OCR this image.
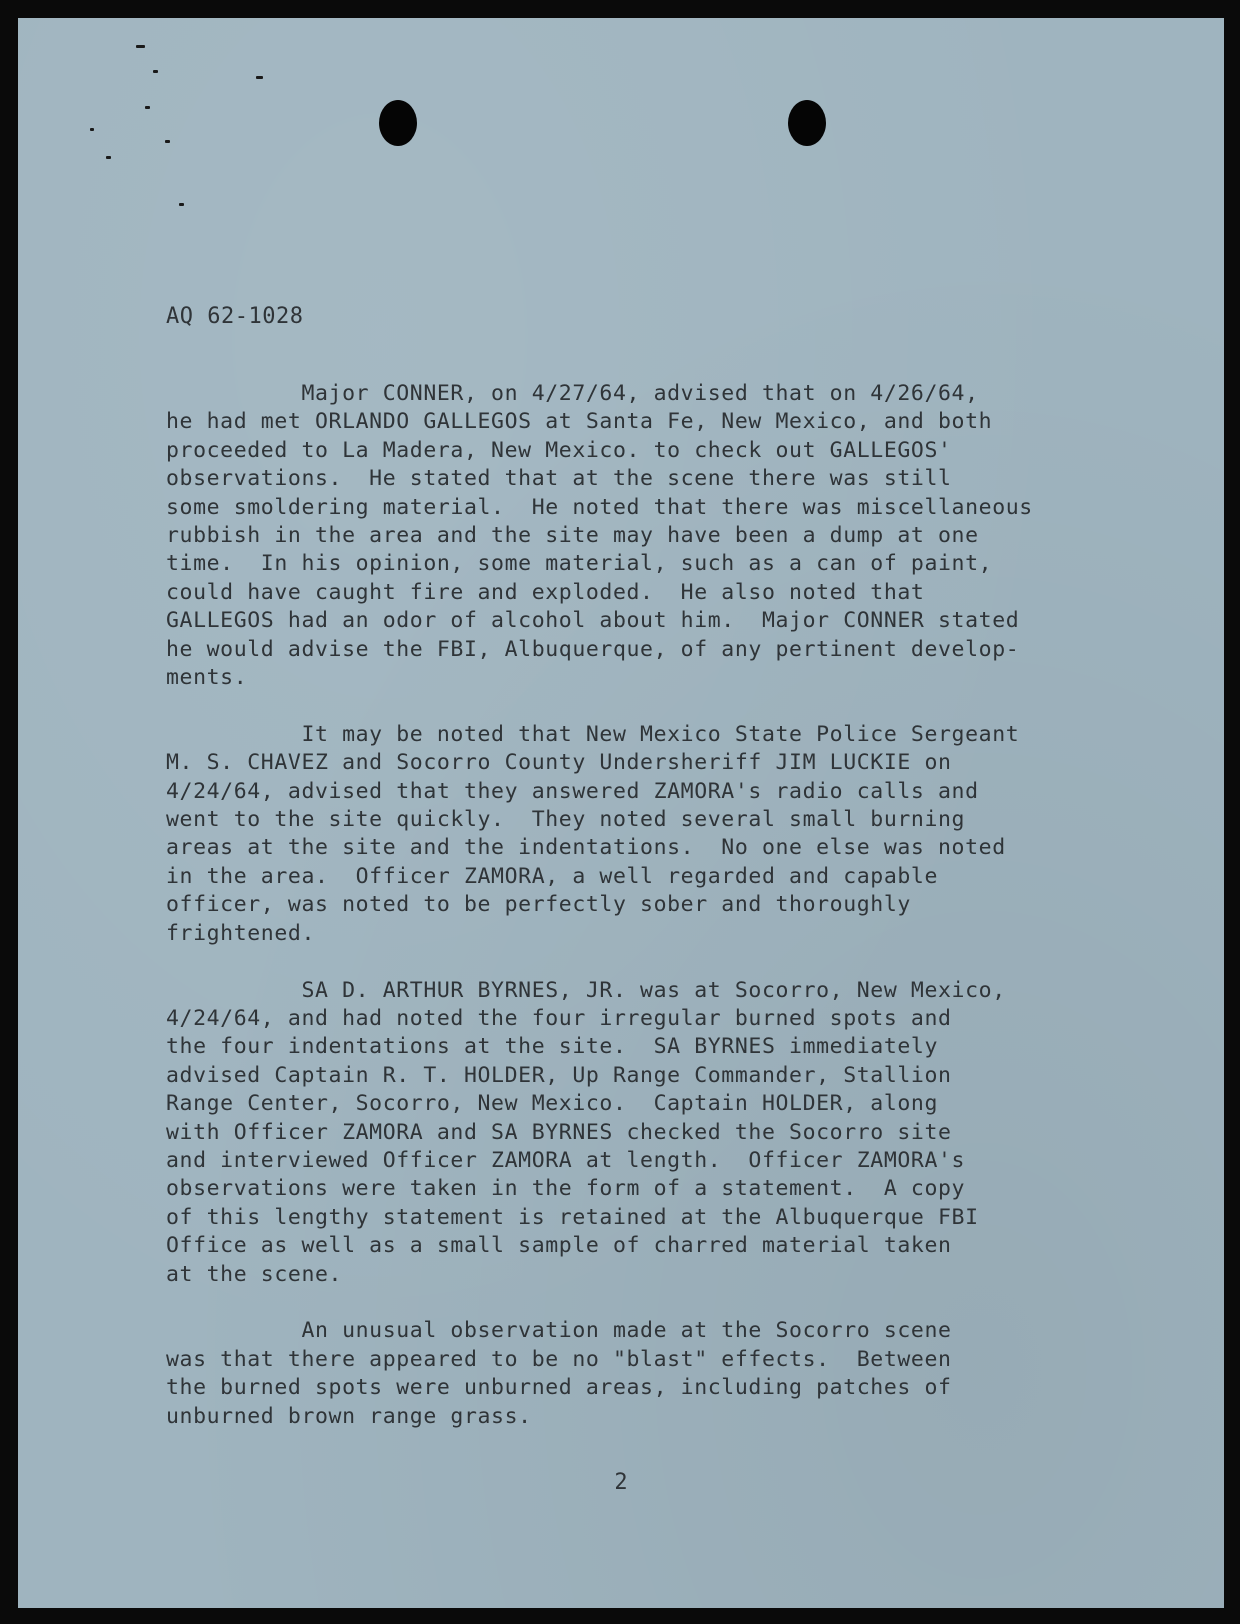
AQ 62-1028

Major CONNER, on 4/27/64, advised that on 4/26/64,
he had met ORLANDO GALLEGOS at Santa Fe, New Mexico, and both
proceeded to La Madera, New Mexico. to check out GALLEGOS'
observations.  He stated that at the scene there was still
some smoldering material.  He noted that there was miscellaneous
rubbish in the area and the site may have been a dump at one
time.  In his opinion, some material, such as a can of paint,
could have caught fire and exploded.  He also noted that
GALLEGOS had an odor of alcohol about him.  Major CONNER stated
he would advise the FBI, Albuquerque, of any pertinent develop-
ments.

It may be noted that New Mexico State Police Sergeant
M. S. CHAVEZ and Socorro County Undersheriff JIM LUCKIE on
4/24/64, advised that they answered ZAMORA's radio calls and
went to the site quickly.  They noted several small burning
areas at the site and the indentations.  No one else was noted
in the area.  Officer ZAMORA, a well regarded and capable
officer, was noted to be perfectly sober and thoroughly
frightened.

SA D. ARTHUR BYRNES, JR. was at Socorro, New Mexico,
4/24/64, and had noted the four irregular burned spots and
the four indentations at the site.  SA BYRNES immediately
advised Captain R. T. HOLDER, Up Range Commander, Stallion
Range Center, Socorro, New Mexico.  Captain HOLDER, along
with Officer ZAMORA and SA BYRNES checked the Socorro site
and interviewed Officer ZAMORA at length.  Officer ZAMORA's
observations were taken in the form of a statement.  A copy
of this lengthy statement is retained at the Albuquerque FBI
Office as well as a small sample of charred material taken
at the scene.

An unusual observation made at the Socorro scene
was that there appeared to be no "blast" effects.  Between
the burned spots were unburned areas, including patches of
unburned brown range grass.

2
